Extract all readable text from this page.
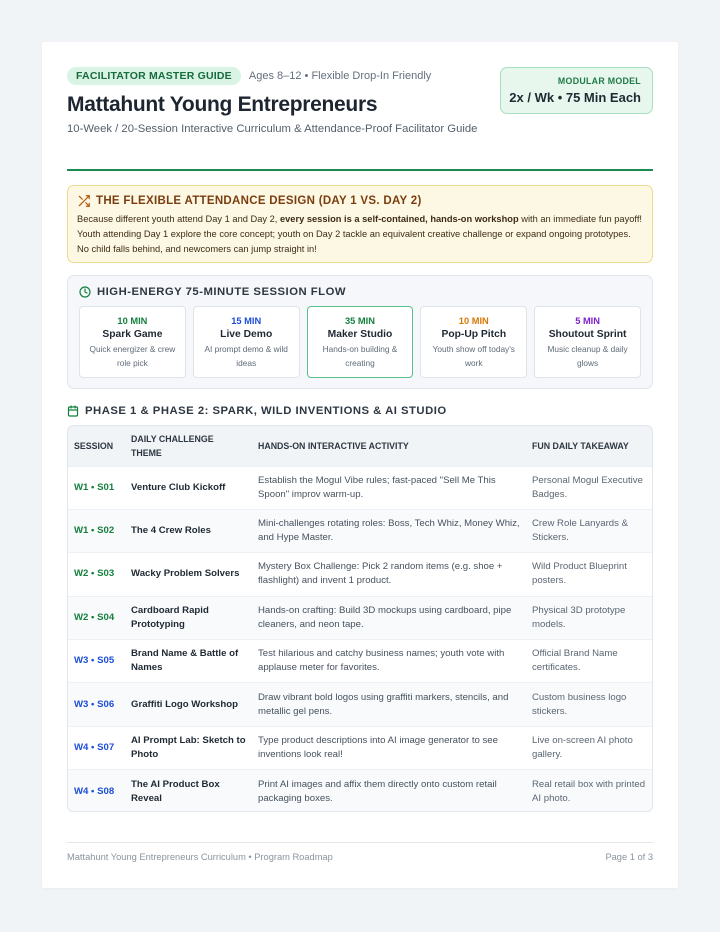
FACILITATOR MASTER GUIDE	Ages 8–12 • Flexible Drop-In Friendly
Mattahunt Young Entrepreneurs
10-Week / 20-Session Interactive Curriculum & Attendance-Proof Facilitator Guide
MODULAR MODEL
2x / Wk • 75 Min Each
THE FLEXIBLE ATTENDANCE DESIGN (DAY 1 VS. DAY 2)
Because different youth attend Day 1 and Day 2, every session is a self-contained, hands-on workshop with an immediate fun payoff! Youth attending Day 1 explore the core concept; youth on Day 2 tackle an equivalent creative challenge or expand ongoing prototypes. No child falls behind, and newcomers can jump straight in!
HIGH-ENERGY 75-MINUTE SESSION FLOW
10 MIN
Spark Game
Quick energizer & crew role pick
15 MIN
Live Demo
AI prompt demo & wild ideas
35 MIN
Maker Studio
Hands-on building & creating
10 MIN
Pop-Up Pitch
Youth show off today's work
5 MIN
Shoutout Sprint
Music cleanup & daily glows
PHASE 1 & PHASE 2: SPARK, WILD INVENTIONS & AI STUDIO
SESSION	DAILY CHALLENGE THEME	HANDS-ON INTERACTIVE ACTIVITY	FUN DAILY TAKEAWAY
W1 • S01	Venture Club Kickoff	Establish the Mogul Vibe rules; fast-paced "Sell Me This Spoon" improv warm-up.	Personal Mogul Executive Badges.
W1 • S02	The 4 Crew Roles	Mini-challenges rotating roles: Boss, Tech Whiz, Money Whiz, and Hype Master.	Crew Role Lanyards & Stickers.
W2 • S03	Wacky Problem Solvers	Mystery Box Challenge: Pick 2 random items (e.g. shoe + flashlight) and invent 1 product.	Wild Product Blueprint posters.
W2 • S04	Cardboard Rapid Prototyping	Hands-on crafting: Build 3D mockups using cardboard, pipe cleaners, and neon tape.	Physical 3D prototype models.
W3 • S05	Brand Name & Battle of Names	Test hilarious and catchy business names; youth vote with applause meter for favorites.	Official Brand Name certificates.
W3 • S06	Graffiti Logo Workshop	Draw vibrant bold logos using graffiti markers, stencils, and metallic gel pens.	Custom business logo stickers.
W4 • S07	AI Prompt Lab: Sketch to Photo	Type product descriptions into AI image generator to see inventions look real!	Live on-screen AI photo gallery.
W4 • S08	The AI Product Box Reveal	Print AI images and affix them directly onto custom retail packaging boxes.	Real retail box with printed AI photo.
Mattahunt Young Entrepreneurs Curriculum • Program Roadmap	Page 1 of 3
